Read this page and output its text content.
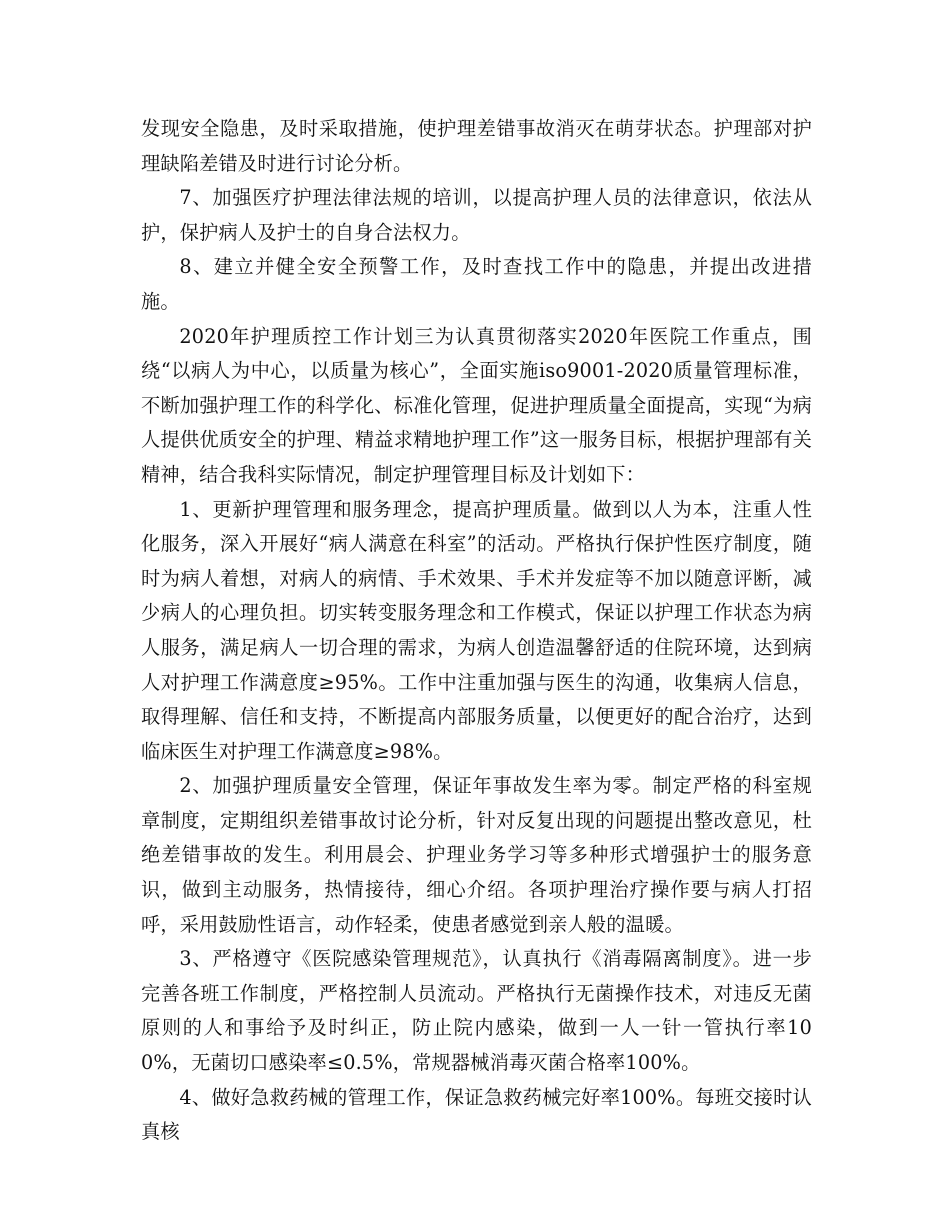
发现安全隐患，及时采取措施，使护理差错事故消灭在萌芽状态。护理部对护理缺陷差错及时进行讨论分析。

7、加强医疗护理法律法规的培训，以提高护理人员的法律意识，依法从护，保护病人及护士的自身合法权力。

8、建立并健全安全预警工作，及时查找工作中的隐患，并提出改进措施。

2020年护理质控工作计划三为认真贯彻落实2020年医院工作重点，围绕“以病人为中心，以质量为核心”，全面实施iso9001-2020质量管理标准，不断加强护理工作的科学化、标准化管理，促进护理质量全面提高，实现“为病人提供优质安全的护理、精益求精地护理工作”这一服务目标，根据护理部有关精神，结合我科实际情况，制定护理管理目标及计划如下：

1、更新护理管理和服务理念，提高护理质量。做到以人为本，注重人性化服务，深入开展好“病人满意在科室”的活动。严格执行保护性医疗制度，随时为病人着想，对病人的病情、手术效果、手术并发症等不加以随意评断，减少病人的心理负担。切实转变服务理念和工作模式，保证以护理工作状态为病人服务，满足病人一切合理的需求，为病人创造温馨舒适的住院环境，达到病人对护理工作满意度≥95%。工作中注重加强与医生的沟通，收集病人信息，取得理解、信任和支持，不断提高内部服务质量，以便更好的配合治疗，达到临床医生对护理工作满意度≥98%。

2、加强护理质量安全管理，保证年事故发生率为零。制定严格的科室规章制度，定期组织差错事故讨论分析，针对反复出现的问题提出整改意见，杜绝差错事故的发生。利用晨会、护理业务学习等多种形式增强护士的服务意识，做到主动服务，热情接待，细心介绍。各项护理治疗操作要与病人打招呼，采用鼓励性语言，动作轻柔，使患者感觉到亲人般的温暖。

3、严格遵守《医院感染管理规范》，认真执行《消毒隔离制度》。进一步完善各班工作制度，严格控制人员流动。严格执行无菌操作技术，对违反无菌原则的人和事给予及时纠正，防止院内感染，做到一人一针一管执行率100%，无菌切口感染率≤0.5%，常规器械消毒灭菌合格率100%。

4、做好急救药械的管理工作，保证急救药械完好率100%。每班交接时认真核
